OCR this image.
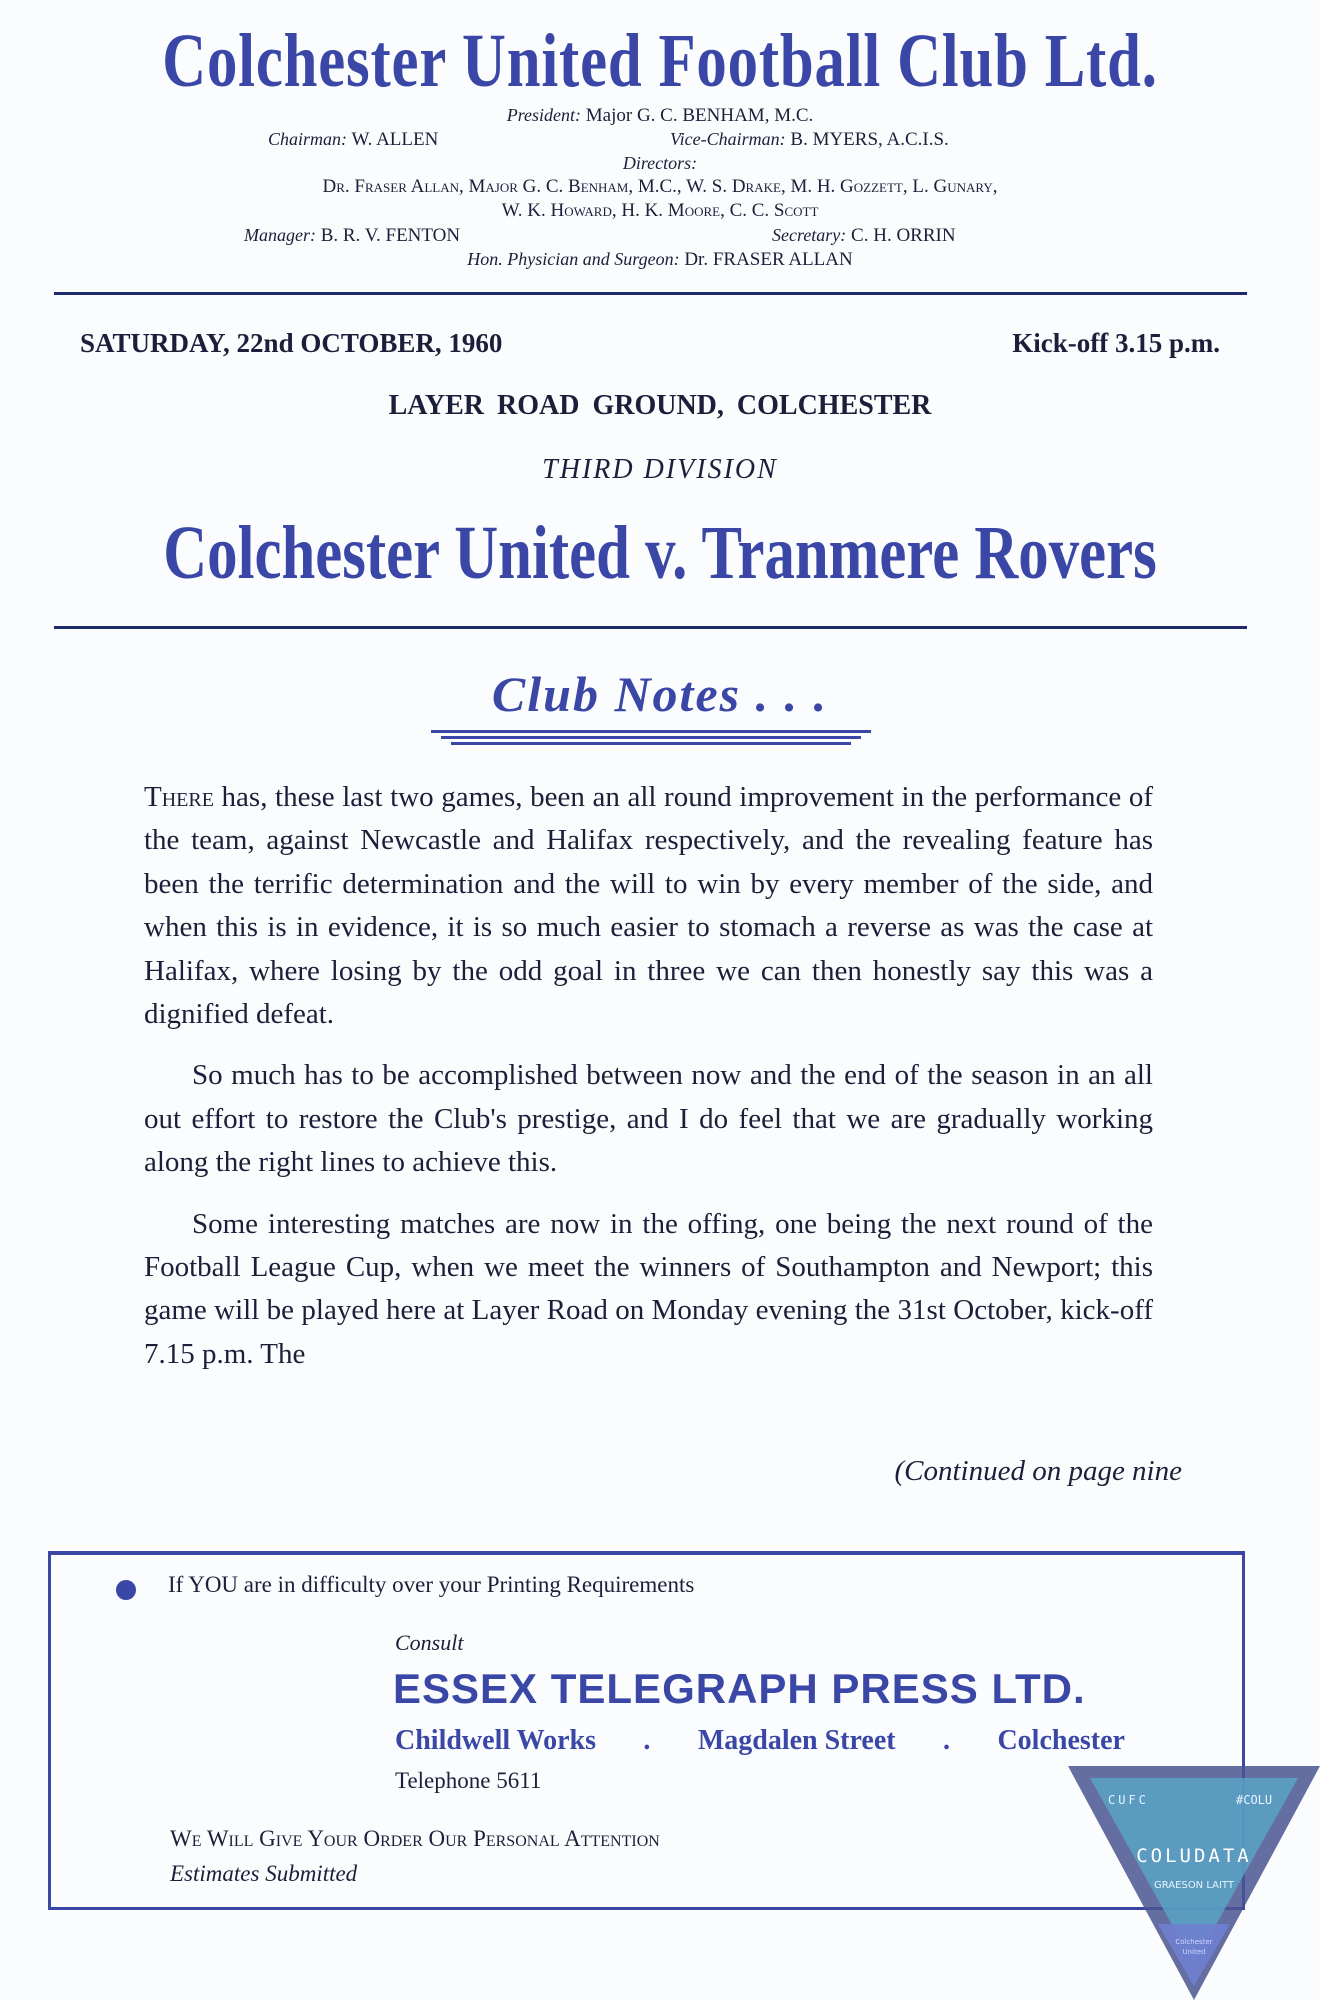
Colchester United Football Club Ltd.
President: Major G. C. BENHAM, M.C.
Chairman: W. ALLEN	Vice-Chairman: B. MYERS, A.C.I.S.
Directors:
Dr. Fraser Allan, Major G. C. Benham, M.C., W. S. Drake, M. H. Gozzett, L. Gunary,
W. K. Howard, H. K. Moore, C. C. Scott
Manager: B. R. V. FENTON	Secretary: C. H. ORRIN
Hon. Physician and Surgeon: Dr. FRASER ALLAN
SATURDAY, 22nd OCTOBER, 1960	Kick-off 3.15 p.m.
LAYER ROAD GROUND, COLCHESTER
THIRD DIVISION
Colchester United v. Tranmere Rovers
Club Notes . . .

There has, these last two games, been an all round improvement in the performance of the team, against Newcastle and Halifax respectively, and the revealing feature has been the terrific determination and the will to win by every member of the side, and when this is in evidence, it is so much easier to stomach a reverse as was the case at Halifax, where losing by the odd goal in three we can then honestly say this was a dignified defeat.

So much has to be accomplished between now and the end of the season in an all out effort to restore the Club's prestige, and I do feel that we are gradually working along the right lines to achieve this.

Some interesting matches are now in the offing, one being the next round of the Football League Cup, when we meet the winners of Southampton and Newport; this game will be played here at Layer Road on Monday evening the 31st October, kick-off 7.15 p.m. The

(Continued on page nine
If YOU are in difficulty over your Printing Requirements
Consult
ESSEX TELEGRAPH PRESS LTD.
Childwell Works . Magdalen Street . Colchester
Telephone 5611
We Will Give Your Order Our Personal Attention
Estimates Submitted
CUFC	#COLU
COLUDATA
GRAESON LAITT
Colchester
United
